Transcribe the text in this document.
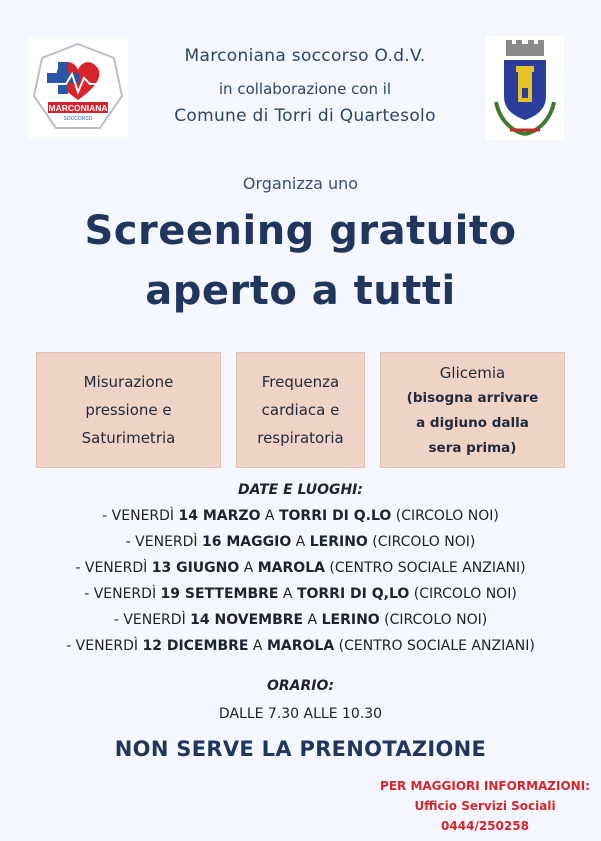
MARCONIANA
SOCCORSO
Marconiana soccorso O.d.V.
in collaborazione con il
Comune di Torri di Quartesolo
Organizza uno
Screening gratuito
aperto a tutti
Misurazione
pressione e
Saturimetria
Frequenza
cardiaca e
respiratoria
Glicemia
(bisogna arrivare
a digiuno dalla
sera prima)
DATE E LUOGHI:
- VENERDÌ 14 MARZO A TORRI DI Q.LO (CIRCOLO NOI)
- VENERDÌ 16 MAGGIO A LERINO (CIRCOLO NOI)
- VENERDÌ 13 GIUGNO A MAROLA (CENTRO SOCIALE ANZIANI)
- VENERDÌ 19 SETTEMBRE A TORRI DI Q,LO (CIRCOLO NOI)
- VENERDÌ 14 NOVEMBRE A LERINO (CIRCOLO NOI)
- VENERDÌ 12 DICEMBRE A MAROLA (CENTRO SOCIALE ANZIANI)
ORARIO:
DALLE 7.30 ALLE 10.30
NON SERVE LA PRENOTAZIONE
PER MAGGIORI INFORMAZIONI:
Ufficio Servizi Sociali
0444/250258
